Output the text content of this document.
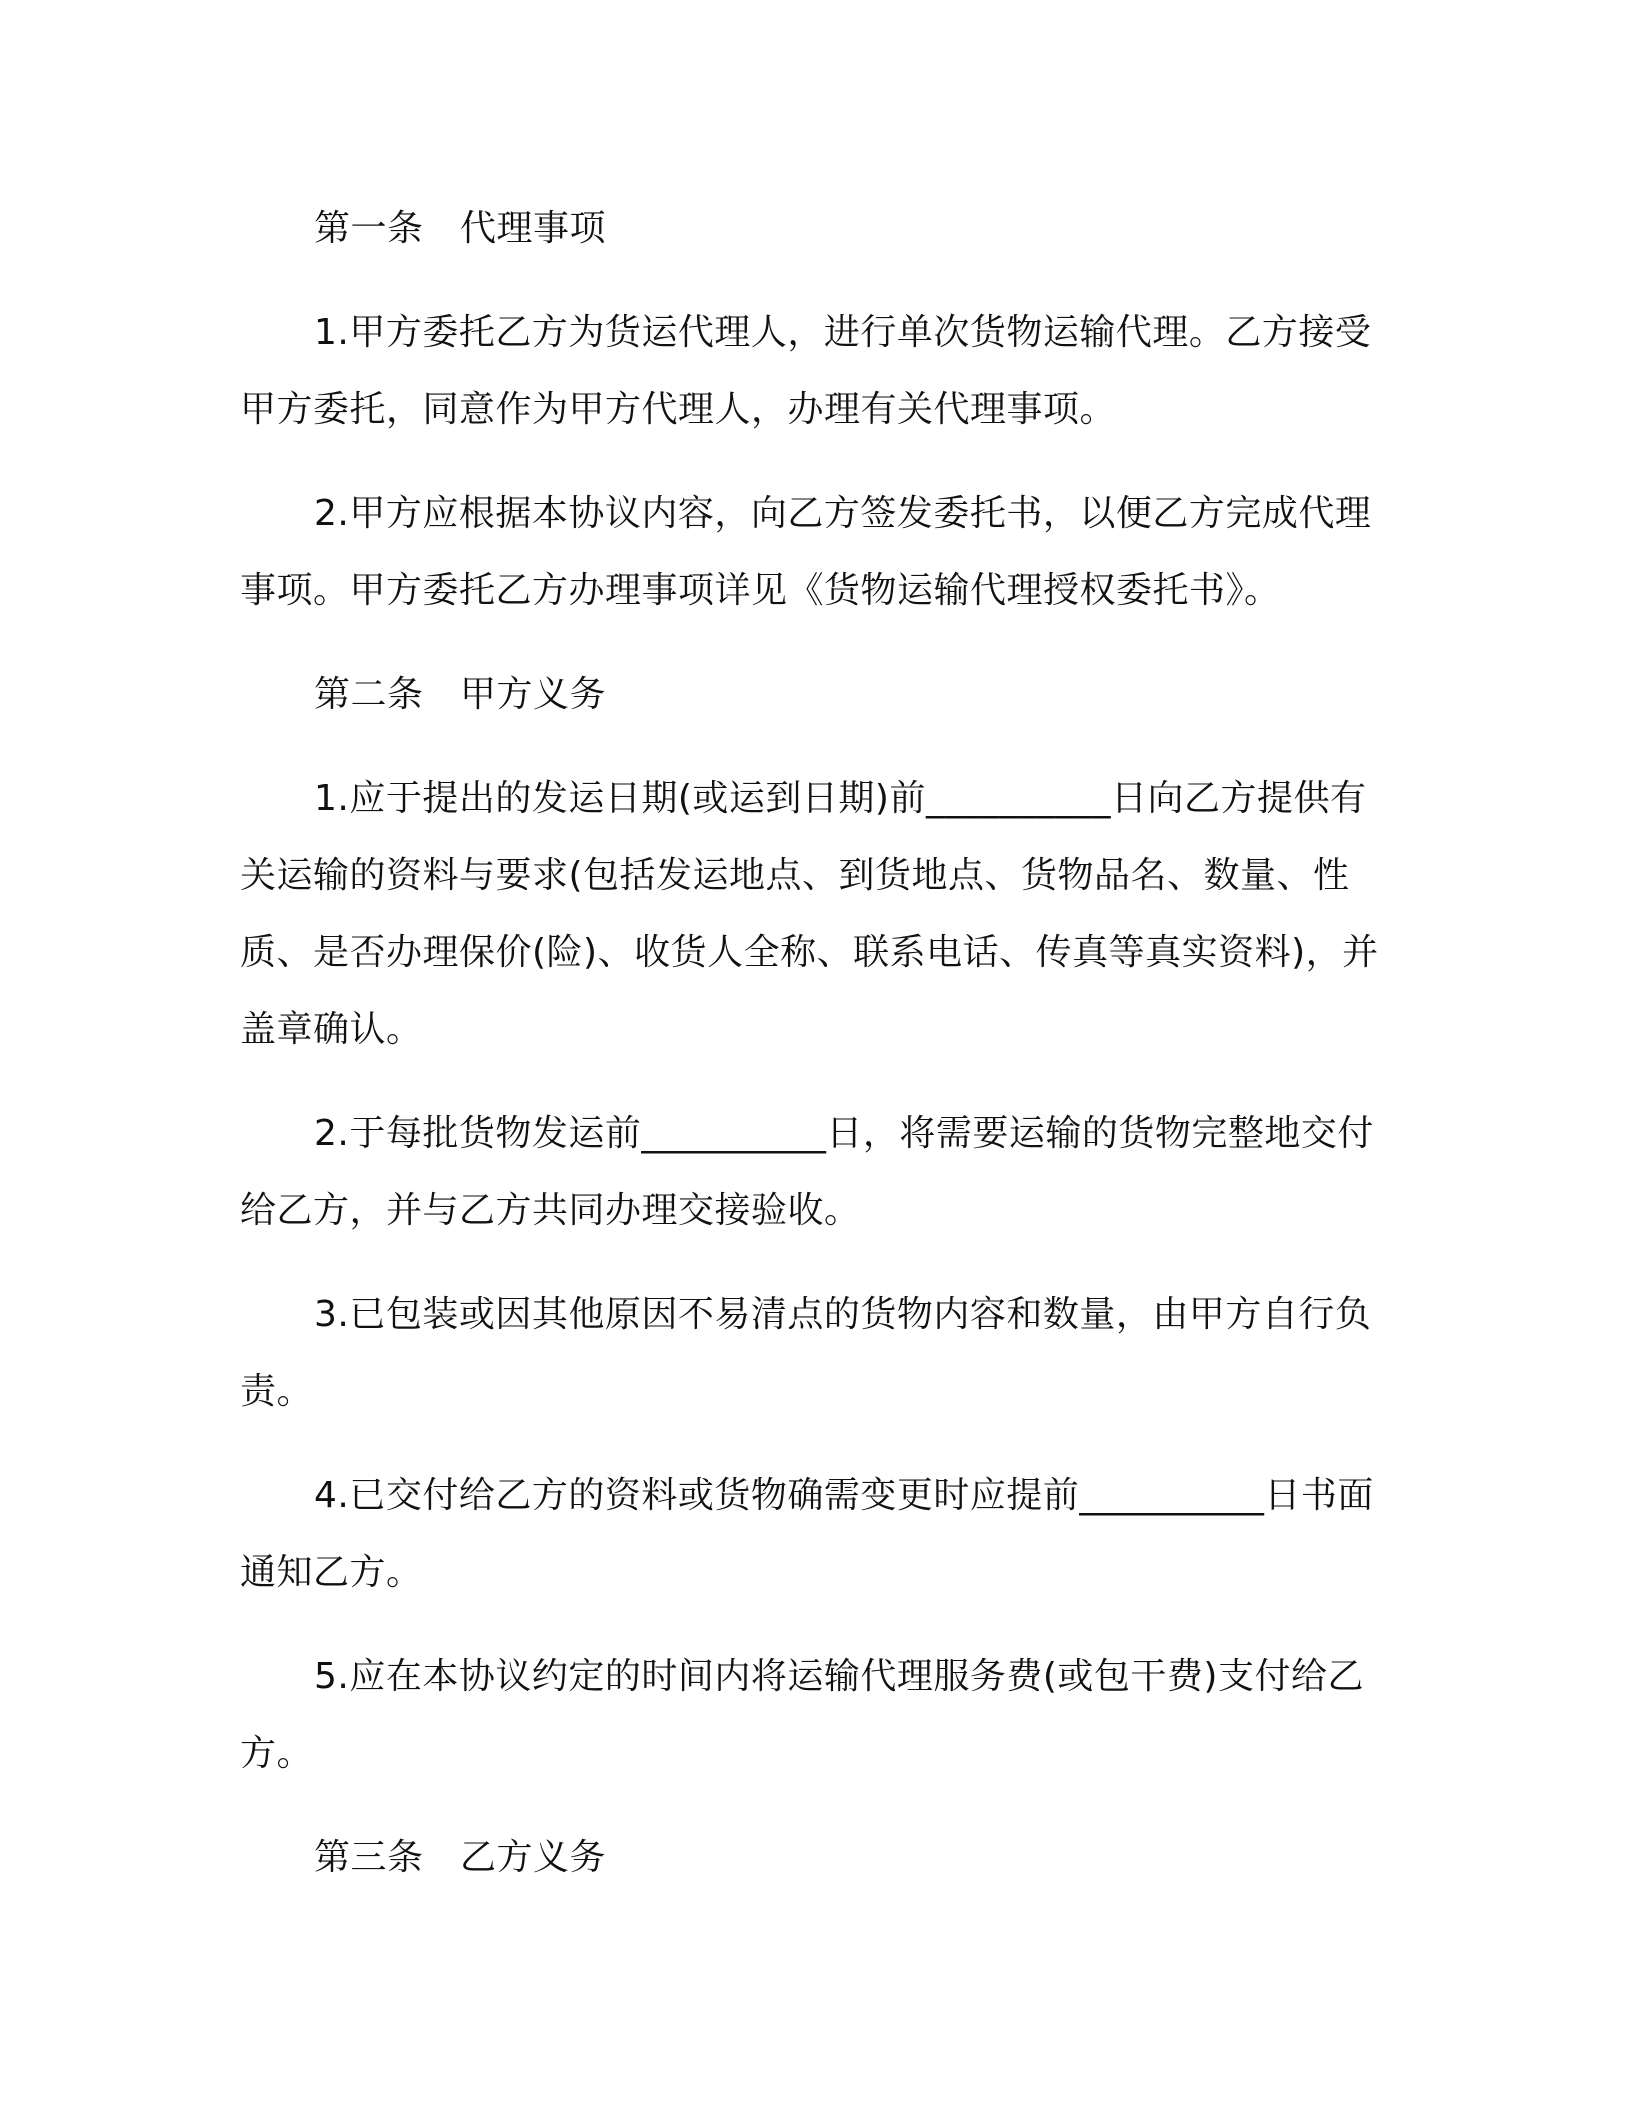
第一条　代理事项

1.甲方委托乙方为货运代理人，进行单次货物运输代理。乙方接受甲方委托，同意作为甲方代理人，办理有关代理事项。

2.甲方应根据本协议内容，向乙方签发委托书，以便乙方完成代理事项。甲方委托乙方办理事项详见《货物运输代理授权委托书》。

第二条　甲方义务

1.应于提出的发运日期(或运到日期)前__________日向乙方提供有关运输的资料与要求(包括发运地点、到货地点、货物品名、数量、性质、是否办理保价(险)、收货人全称、联系电话、传真等真实资料)，并盖章确认。

2.于每批货物发运前__________日，将需要运输的货物完整地交付给乙方，并与乙方共同办理交接验收。

3.已包装或因其他原因不易清点的货物内容和数量，由甲方自行负责。

4.已交付给乙方的资料或货物确需变更时应提前__________日书面通知乙方。

5.应在本协议约定的时间内将运输代理服务费(或包干费)支付给乙方。

第三条　乙方义务
